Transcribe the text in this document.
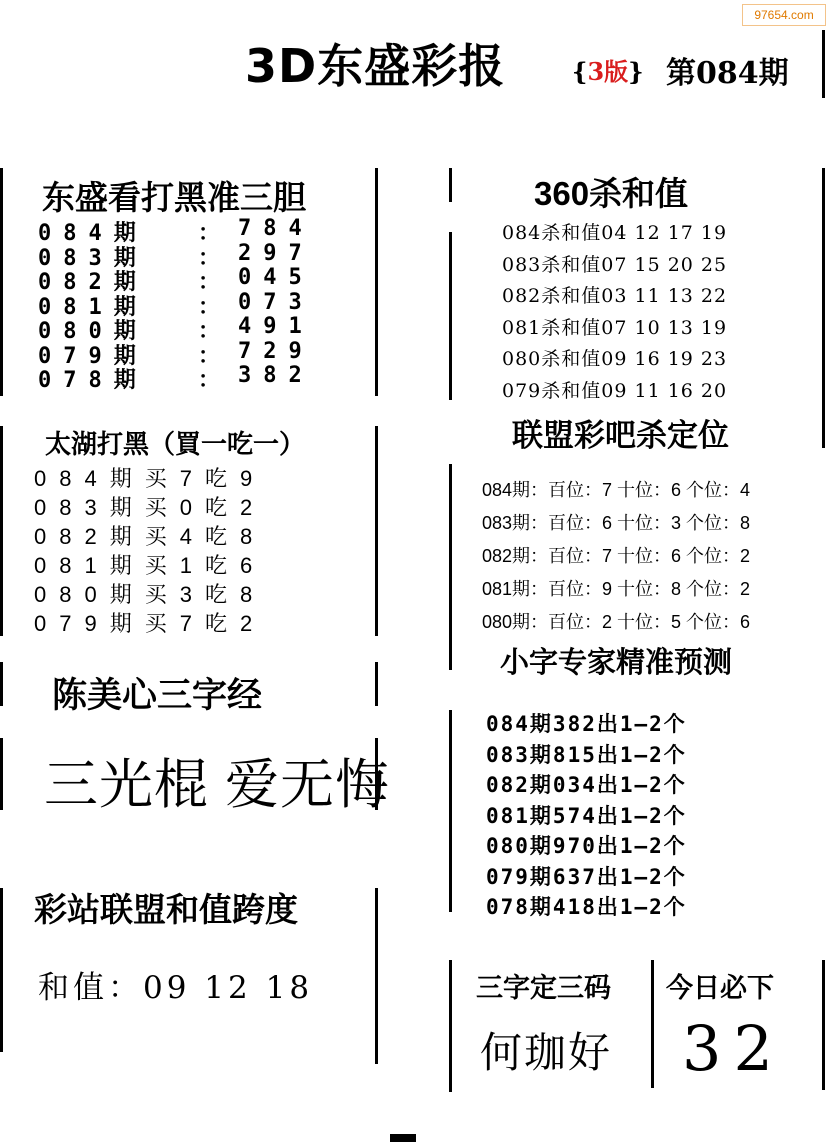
97654.com
3D东盛彩报	{3版} 第084期
东盛看打黑准三胆
084期 ： 784
083期 ： 297
082期 ： 045
081期 ： 073
080期 ： 491
079期 ： 729
078期 ： 382
太湖打黑（買一吃一）
084期买7吃9
083期买0吃2
082期买4吃8
081期买1吃6
080期买3吃8
079期买7吃2
陈美心三字经
三光棍 爱无悔
彩站联盟和值跨度
和值：09 12 18
360杀和值
084杀和值04 12 17 19
083杀和值07 15 20 25
082杀和值03 11 13 22
081杀和值07 10 13 19
080杀和值09 16 19 23
079杀和值09 11 16 20
联盟彩吧杀定位
084期：百位：7 十位：6 个位：4
083期：百位：6 十位：3 个位：8
082期：百位：7 十位：6 个位：2
081期：百位：9 十位：8 个位：2
080期：百位：2 十位：5 个位：6
小字专家精准预测
084期382出1–2个
083期815出1–2个
082期034出1–2个
081期574出1–2个
080期970出1–2个
079期637出1–2个
078期418出1–2个
三字定三码
何珈好
今日必下
32
